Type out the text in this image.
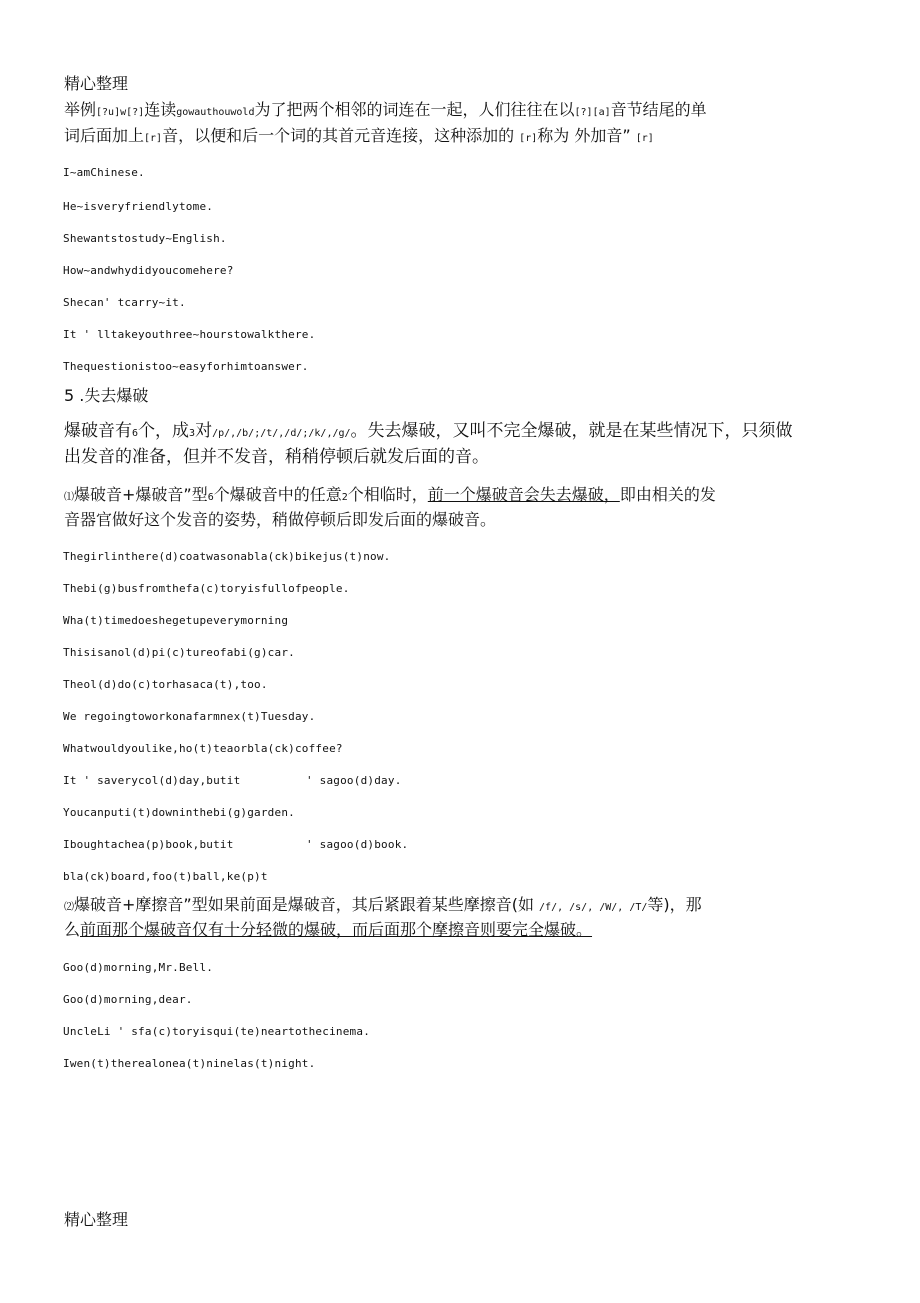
精心整理
举例[?u]w[?]连读gowauthouwold为了把两个相邻的词连在一起，人们往往在以[?][a]音节结尾的单
词后面加上[r]音，以便和后一个词的其首元音连接，这种添加的 [r]称为 外加音” [r]
I~amChinese.
He~isveryfriendlytome.
Shewantstostudy~English.
How~andwhydidyoucomehere?
Shecan' tcarry~it.
It ' lltakeyouthree~hourstowalkthere.
Thequestionistoo~easyforhimtoanswer.
5 .失去爆破
爆破音有6个，成3对/p/,/b/;/t/,/d/;/k/,/g/。失去爆破，又叫不完全爆破，就是在某些情况下，只须做
出发音的准备，但并不发音，稍稍停顿后就发后面的音。
⑴爆破音+爆破音”型6个爆破音中的任意2个相临时，前一个爆破音会失去爆破，即由相关的发
音器官做好这个发音的姿势，稍做停顿后即发后面的爆破音。
Thegirlinthere(d)coatwasonabla(ck)bikejus(t)now.
Thebi(g)busfromthefa(c)toryisfullofpeople.
Wha(t)timedoeshegetupeverymorning
Thisisanol(d)pi(c)tureofabi(g)car.
Theol(d)do(c)torhasaca(t),too.
We regoingtoworkonafarmnex(t)Tuesday.
Whatwouldyoulike,ho(t)teaorbla(ck)coffee?
It ' saverycol(d)day,butit	' sagoo(d)day.
Youcanputi(t)downinthebi(g)garden.
Iboughtachea(p)book,butit	' sagoo(d)book.
bla(ck)board,foo(t)ball,ke(p)t
⑵爆破音+摩擦音”型如果前面是爆破音，其后紧跟着某些摩擦音(如 /f/, /s/, /W/, /T/等)，那
么前面那个爆破音仅有十分轻微的爆破，而后面那个摩擦音则要完全爆破。
Goo(d)morning,Mr.Bell.
Goo(d)morning,dear.
UncleLi ' sfa(c)toryisqui(te)neartothecinema.
Iwen(t)therealonea(t)ninelas(t)night.
精心整理
